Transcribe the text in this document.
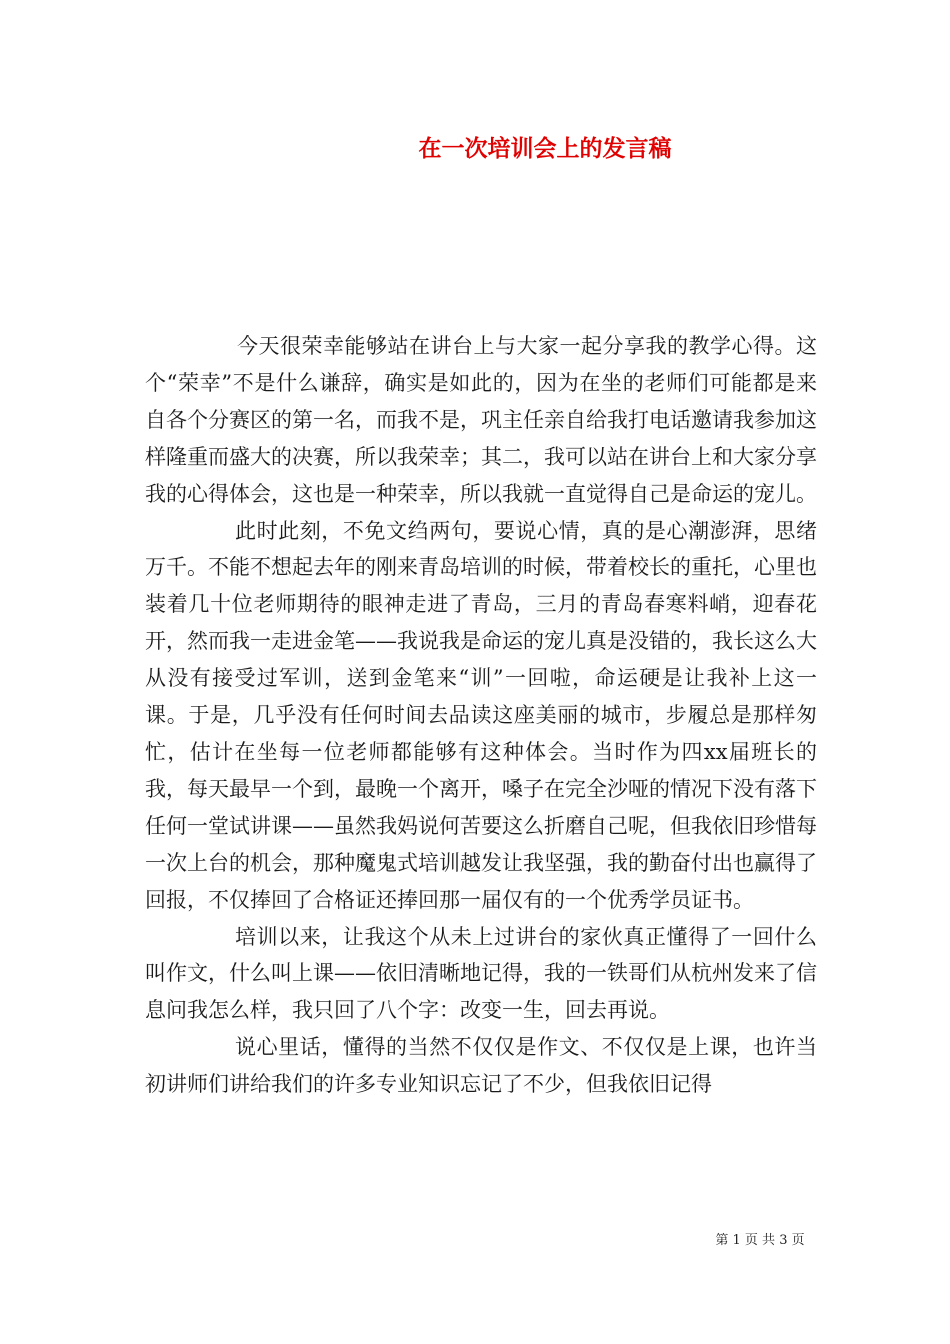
在一次培训会上的发言稿

今天很荣幸能够站在讲台上与大家一起分享我的教学心得。这个“荣幸”不是什么谦辞，确实是如此的，因为在坐的老师们可能都是来自各个分赛区的第一名，而我不是，巩主任亲自给我打电话邀请我参加这样隆重而盛大的决赛，所以我荣幸；其二，我可以站在讲台上和大家分享我的心得体会，这也是一种荣幸，所以我就一直觉得自己是命运的宠儿。

此时此刻，不免文绉两句，要说心情，真的是心潮澎湃，思绪万千。不能不想起去年的刚来青岛培训的时候，带着校长的重托，心里也装着几十位老师期待的眼神走进了青岛，三月的青岛春寒料峭，迎春花开，然而我一走进金笔——我说我是命运的宠儿真是没错的，我长这么大从没有接受过军训，送到金笔来“训”一回啦，命运硬是让我补上这一课。于是，几乎没有任何时间去品读这座美丽的城市，步履总是那样匆忙，估计在坐每一位老师都能够有这种体会。当时作为四xx届班长的我，每天最早一个到，最晚一个离开，嗓子在完全沙哑的情况下没有落下任何一堂试讲课——虽然我妈说何苦要这么折磨自己呢，但我依旧珍惜每一次上台的机会，那种魔鬼式培训越发让我坚强，我的勤奋付出也赢得了回报，不仅捧回了合格证还捧回那一届仅有的一个优秀学员证书。

培训以来，让我这个从未上过讲台的家伙真正懂得了一回什么叫作文，什么叫上课——依旧清晰地记得，我的一铁哥们从杭州发来了信息问我怎么样，我只回了八个字：改变一生，回去再说。

说心里话，懂得的当然不仅仅是作文、不仅仅是上课，也许当初讲师们讲给我们的许多专业知识忘记了不少，但我依旧记得

第 1 页 共 3 页
